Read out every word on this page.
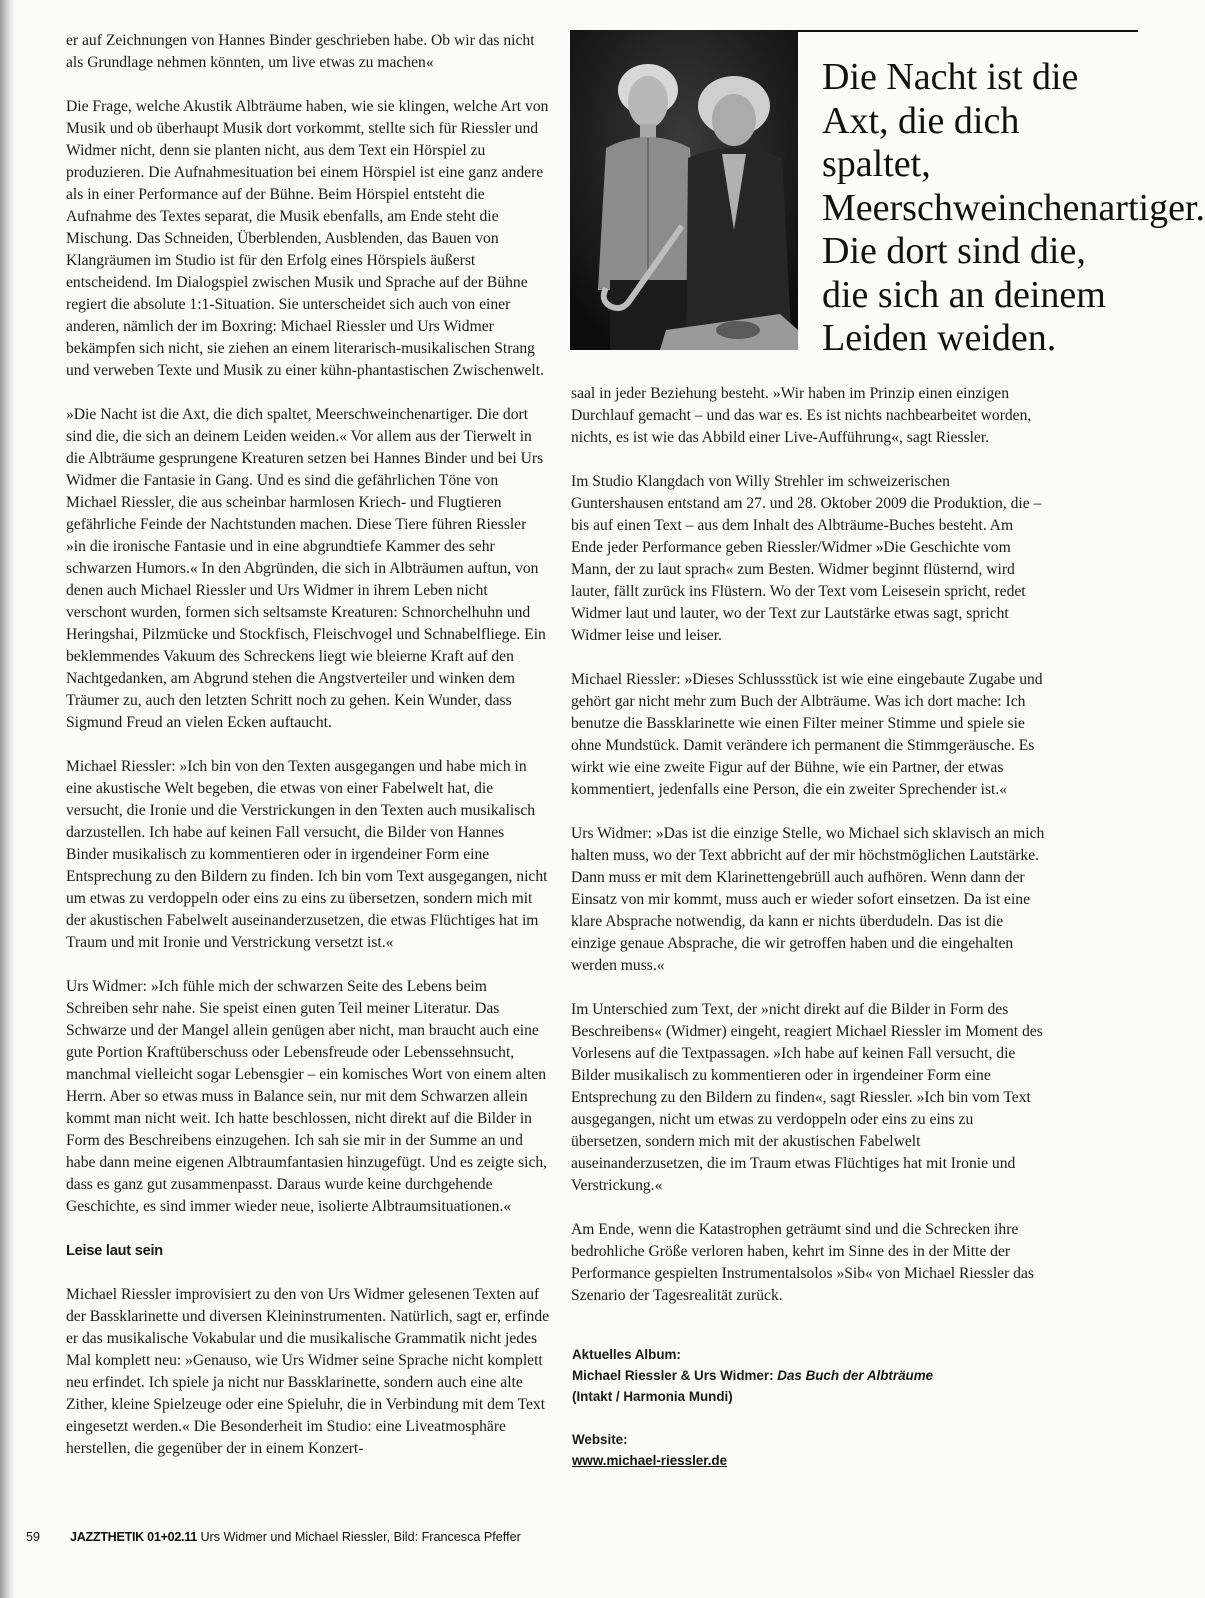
er auf Zeichnungen von Hannes Binder geschrieben habe. Ob wir das nicht als Grundlage nehmen könnten, um live etwas zu machen«

Die Frage, welche Akustik Albträume haben, wie sie klingen, welche Art von Musik und ob überhaupt Musik dort vorkommt, stellte sich für Riessler und Widmer nicht, denn sie planten nicht, aus dem Text ein Hörspiel zu produzieren. Die Aufnahmesituation bei einem Hörspiel ist eine ganz andere als in einer Performance auf der Bühne. Beim Hörspiel entsteht die Aufnahme des Textes separat, die Musik ebenfalls, am Ende steht die Mischung. Das Schneiden, Überblenden, Ausblenden, das Bauen von Klangräumen im Studio ist für den Erfolg eines Hörspiels äußerst entscheidend. Im Dialogspiel zwischen Musik und Sprache auf der Bühne regiert die absolute 1:1-Situation. Sie unterscheidet sich auch von einer anderen, nämlich der im Boxring: Michael Riessler und Urs Widmer bekämpfen sich nicht, sie ziehen an einem literarisch-musikalischen Strang und verweben Texte und Musik zu einer kühn-phantastischen Zwischenwelt.

»Die Nacht ist die Axt, die dich spaltet, Meerschweinchenartiger. Die dort sind die, die sich an deinem Leiden weiden.« Vor allem aus der Tierwelt in die Albträume gesprungene Kreaturen setzen bei Hannes Binder und bei Urs Widmer die Fantasie in Gang. Und es sind die gefährlichen Töne von Michael Riessler, die aus scheinbar harmlosen Kriech- und Flugtieren gefährliche Feinde der Nachtstunden machen. Diese Tiere führen Riessler »in die ironische Fantasie und in eine abgrundtiefe Kammer des sehr schwarzen Humors.« In den Abgründen, die sich in Albträumen auftun, von denen auch Michael Riessler und Urs Widmer in ihrem Leben nicht verschont wurden, formen sich seltsamste Kreaturen: Schnorchelhuhn und Heringshai, Pilzmücke und Stockfisch, Fleischvogel und Schnabelfliege. Ein beklemmendes Vakuum des Schreckens liegt wie bleierne Kraft auf den Nachtgedanken, am Abgrund stehen die Angstverteiler und winken dem Träumer zu, auch den letzten Schritt noch zu gehen. Kein Wunder, dass Sigmund Freud an vielen Ecken auftaucht.

Michael Riessler: »Ich bin von den Texten ausgegangen und habe mich in eine akustische Welt begeben, die etwas von einer Fabelwelt hat, die versucht, die Ironie und die Verstrickungen in den Texten auch musikalisch darzustellen. Ich habe auf keinen Fall versucht, die Bilder von Hannes Binder musikalisch zu kommentieren oder in irgendeiner Form eine Entsprechung zu den Bildern zu finden. Ich bin vom Text ausgegangen, nicht um etwas zu verdoppeln oder eins zu eins zu übersetzen, sondern mich mit der akustischen Fabelwelt auseinanderzusetzen, die etwas Flüchtiges hat im Traum und mit Ironie und Verstrickung versetzt ist.«

Urs Widmer: »Ich fühle mich der schwarzen Seite des Lebens beim Schreiben sehr nahe. Sie speist einen guten Teil meiner Literatur. Das Schwarze und der Mangel allein genügen aber nicht, man braucht auch eine gute Portion Kraftüberschuss oder Lebensfreude oder Lebenssehnsucht, manchmal vielleicht sogar Lebensgier – ein komisches Wort von einem alten Herrn. Aber so etwas muss in Balance sein, nur mit dem Schwarzen allein kommt man nicht weit. Ich hatte beschlossen, nicht direkt auf die Bilder in Form des Beschreibens einzugehen. Ich sah sie mir in der Summe an und habe dann meine eigenen Albtraumfantasien hinzugefügt. Und es zeigte sich, dass es ganz gut zusammenpasst. Daraus wurde keine durchgehende Geschichte, es sind immer wieder neue, isolierte Albtraumsituationen.«

Leise laut sein

Michael Riessler improvisiert zu den von Urs Widmer gelesenen Texten auf der Bassklarinette und diversen Kleininstrumenten. Natürlich, sagt er, erfinde er das musikalische Vokabular und die musikalische Grammatik nicht jedes Mal komplett neu: »Genauso, wie Urs Widmer seine Sprache nicht komplett neu erfindet. Ich spiele ja nicht nur Bassklarinette, sondern auch eine alte Zither, kleine Spielzeuge oder eine Spieluhr, die in Verbindung mit dem Text eingesetzt werden.« Die Besonderheit im Studio: eine Liveatmosphäre herstellen, die gegenüber der in einem Konzert-

Die Nacht ist die Axt, die dich spaltet, Meerschweinchenartiger. Die dort sind die, die sich an deinem Leiden weiden.

saal in jeder Beziehung besteht. »Wir haben im Prinzip einen einzigen Durchlauf gemacht – und das war es. Es ist nichts nachbearbeitet worden, nichts, es ist wie das Abbild einer Live-Aufführung«, sagt Riessler.

Im Studio Klangdach von Willy Strehler im schweizerischen Guntershausen entstand am 27. und 28. Oktober 2009 die Produktion, die – bis auf einen Text – aus dem Inhalt des Albträume-Buches besteht. Am Ende jeder Performance geben Riessler/Widmer »Die Geschichte vom Mann, der zu laut sprach« zum Besten. Widmer beginnt flüsternd, wird lauter, fällt zurück ins Flüstern. Wo der Text vom Leisesein spricht, redet Widmer laut und lauter, wo der Text zur Lautstärke etwas sagt, spricht Widmer leise und leiser.

Michael Riessler: »Dieses Schlussstück ist wie eine eingebaute Zugabe und gehört gar nicht mehr zum Buch der Albträume. Was ich dort mache: Ich benutze die Bassklarinette wie einen Filter meiner Stimme und spiele sie ohne Mundstück. Damit verändere ich permanent die Stimmgeräusche. Es wirkt wie eine zweite Figur auf der Bühne, wie ein Partner, der etwas kommentiert, jedenfalls eine Person, die ein zweiter Sprechender ist.«

Urs Widmer: »Das ist die einzige Stelle, wo Michael sich sklavisch an mich halten muss, wo der Text abbricht auf der mir höchstmöglichen Lautstärke. Dann muss er mit dem Klarinettengebrüll auch aufhören. Wenn dann der Einsatz von mir kommt, muss auch er wieder sofort einsetzen. Da ist eine klare Absprache notwendig, da kann er nichts überdudeln. Das ist die einzige genaue Absprache, die wir getroffen haben und die eingehalten werden muss.«

Im Unterschied zum Text, der »nicht direkt auf die Bilder in Form des Beschreibens« (Widmer) eingeht, reagiert Michael Riessler im Moment des Vorlesens auf die Textpassagen. »Ich habe auf keinen Fall versucht, die Bilder musikalisch zu kommentieren oder in irgendeiner Form eine Entsprechung zu den Bildern zu finden«, sagt Riessler. »Ich bin vom Text ausgegangen, nicht um etwas zu verdoppeln oder eins zu eins zu übersetzen, sondern mich mit der akustischen Fabelwelt auseinanderzusetzen, die im Traum etwas Flüchtiges hat mit Ironie und Verstrickung.«

Am Ende, wenn die Katastrophen geträumt sind und die Schrecken ihre bedrohliche Größe verloren haben, kehrt im Sinne des in der Mitte der Performance gespielten Instrumentalsolos »Sib« von Michael Riessler das Szenario der Tagesrealität zurück.

Aktuelles Album:
Michael Riessler & Urs Widmer: Das Buch der Albträume
(Intakt / Harmonia Mundi)
Website:
www.michael-riessler.de
59 JAZZTHETIK 01+02.11 Urs Widmer und Michael Riessler, Bild: Francesca Pfeffer
